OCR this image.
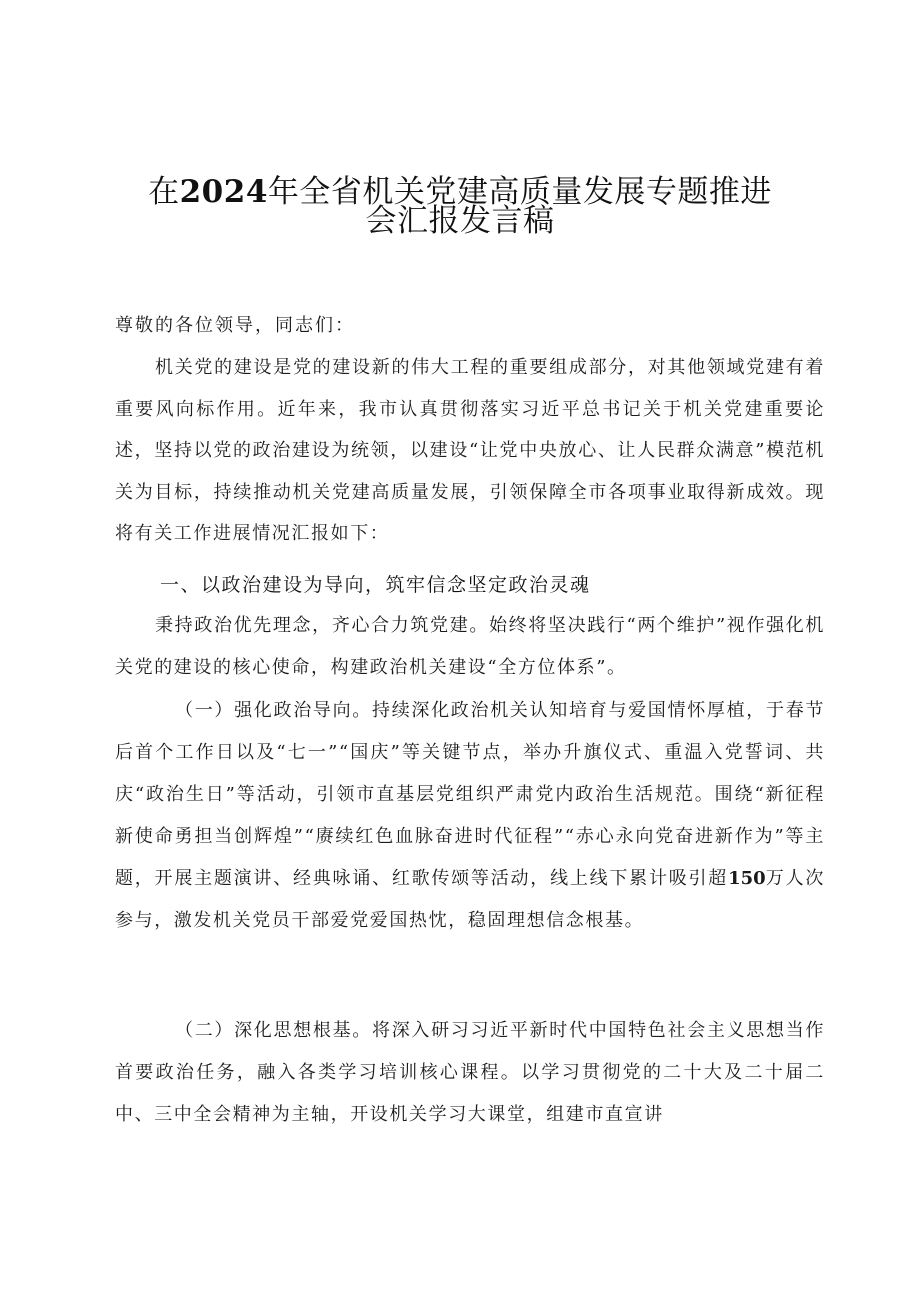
在2024年全省机关党建高质量发展专题推进
会汇报发言稿

尊敬的各位领导，同志们：

机关党的建设是党的建设新的伟大工程的重要组成部分，对其他领域党建有着重要风向标作用。近年来，我市认真贯彻落实习近平总书记关于机关党建重要论述，坚持以党的政治建设为统领，以建设“让党中央放心、让人民群众满意”模范机关为目标，持续推动机关党建高质量发展，引领保障全市各项事业取得新成效。现将有关工作进展情况汇报如下：

一、以政治建设为导向，筑牢信念坚定政治灵魂

秉持政治优先理念，齐心合力筑党建。始终将坚决践行“两个维护”视作强化机关党的建设的核心使命，构建政治机关建设“全方位体系”。

（一）强化政治导向。持续深化政治机关认知培育与爱国情怀厚植，于春节后首个工作日以及“七一”“国庆”等关键节点，举办升旗仪式、重温入党誓词、共庆“政治生日”等活动，引领市直基层党组织严肃党内政治生活规范。围绕“新征程新使命勇担当创辉煌”“赓续红色血脉奋进时代征程”“赤心永向党奋进新作为”等主题，开展主题演讲、经典咏诵、红歌传颂等活动，线上线下累计吸引超150万人次参与，激发机关党员干部爱党爱国热忱，稳固理想信念根基。

（二）深化思想根基。将深入研习习近平新时代中国特色社会主义思想当作首要政治任务，融入各类学习培训核心课程。以学习贯彻党的二十大及二十届二中、三中全会精神为主轴，开设机关学习大课堂，组建市直宣讲
